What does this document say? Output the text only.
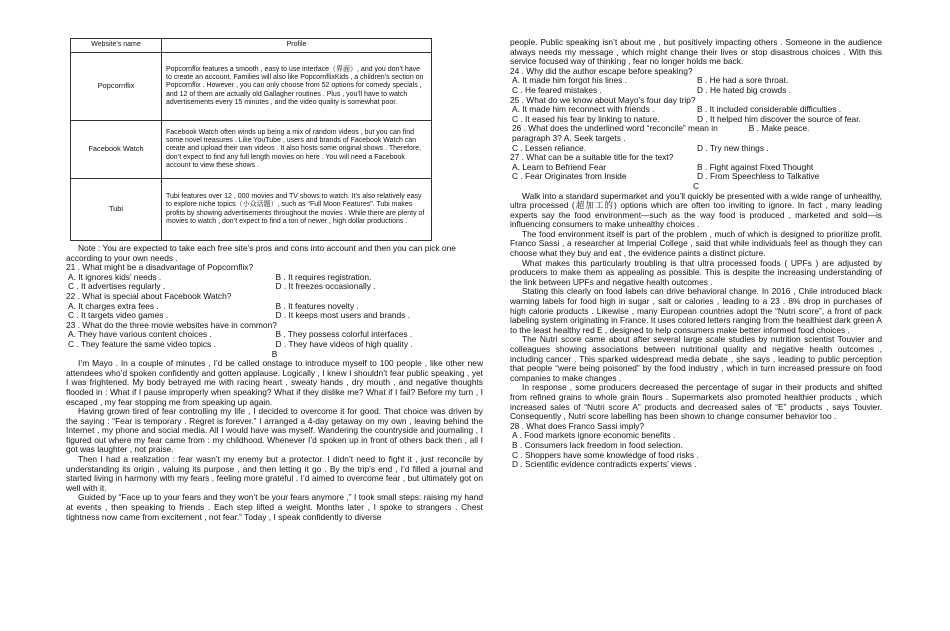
Website’s name	Profile
Popcornflix	Popcornflix features a smooth , easy to use interface（界面）, and you don’t have to create an account. Families will also like PopcornflixKids , a children’s section on Popcornflix . However , you can only choose from 52 options for comedy specials , and 12 of them are actually old Gallagher routines . Plus , you’ll have to watch advertisements every 15 minutes , and the video quality is somewhat poor.
Facebook Watch	Facebook Watch often winds up being a mix of random videos , but you can find some novel treasures . Like YouTube , users and brands of Facebook Watch can create and upload their own videos . It also hosts some original shows . Therefore, don’t expect to find any full length movies on here . You will need a Facebook account to view these shows .
Tubi	Tubi features over 12 , 000 movies and TV shows to watch. It’s also relatively easy to explore niche topics（小众话题）, such as “Full Moon Features”. Tubi makes profits by showing advertisements throughout the movies . While there are plenty of movies to watch , don’t expect to find a ton of newer , high dollar productions .

Note : You are expected to take each free site’s pros and cons into account and then you can pick one according to your own needs .

21 . What might be a disadvantage of Popcornflix?

A. It ignores kids’ needs .	B . It requires registration.
C . It advertises regularly .	D . It freezes occasionally .

22 . What is special about Facebook Watch?

A. It charges extra fees .	B . It features novelty .
C . It targets video games .	D . It keeps most users and brands .

23 . What do the three movie websites have in common?

A. They have various content choices .	B . They possess colorful interfaces .
C . They feature the same video topics .	D . They have videos of high quality .

B

I’m Mayo . In a couple of minutes , I’d be called onstage to introduce myself to 100 people , like other new attendees who’d spoken confidently and gotten applause. Logically , I knew I shouldn’t fear public speaking , yet I was frightened. My body betrayed me with racing heart , sweaty hands , dry mouth , and negative thoughts flooded in : What if I pause improperly when speaking? What if they dislike me? What if I fail? Before my turn , I escaped , my fear stopping me from speaking up again.

Having grown tired of fear controlling my life , I decided to overcome it for good. That choice was driven by the saying : “Fear is temporary . Regret is forever.” I arranged a 4-day getaway on my own , leaving behind the Internet , my phone and social media. All I would have was myself. Wandering the countryside and journaling , I figured out where my fear came from : my childhood. Whenever I’d spoken up in front of others back then , all I got was laughter , not praise.

Then I had a realization : fear wasn’t my enemy but a protector. I didn’t need to fight it , just reconcile by understanding its origin , valuing its purpose , and then letting it go . By the trip’s end , I’d filled a journal and started living in harmony with my fears , feeling more grateful . I’d aimed to overcome fear , but ultimately got on well with it.

Guided by “Face up to your fears and they won’t be your fears anymore ,” I took small steps: raising my hand at events , then speaking to friends . Each step lifted a weight. Months later , I spoke to strangers . Chest tightness now came from excitement , not fear.” Today , I speak confidently to diverse

people. Public speaking isn’t about me , but positively impacting others . Someone in the audience always needs my message , which might change their lives or stop disastrous choices . With this service focused way of thinking , fear no longer holds me back.

24 . Why did the author escape before speaking?

A. It made him forgot his lines .	B . He had a sore throat.
C . He feared mistakes .	D . He hated big crowds .

25 . What do we know about Mayo’s four day trip?

A. It made him reconnect with friends .	B . It included considerable difficulties .
C . It eased his fear by linking to nature.	D . It helped him discover the source of fear.
26 . What does the underlined word “reconcile” mean in paragraph 3? A. Seek targets .
B . Make peace.
C . Lessen reliance.	D . Try new things .

27 . What can be a suitable title for the text?

A. Learn to Befriend Fear	B . Fight against Fixed Thought
C . Fear Originates from Inside	D . From Speechless to Talkative

C

Walk into a standard supermarket and you’ll quickly be presented with a wide range of unhealthy, ultra processed (超加工的) options which are often too inviting to ignore. In fact , many leading experts say the food environment—such as the way food is produced , marketed and sold—is influencing consumers to make unhealthy choices .

The food environment itself is part of the problem , much of which is designed to prioritize profit. Franco Sassi , a researcher at Imperial College , said that while individuals feel as though they can choose what they buy and eat , the evidence paints a distinct picture.

What makes this particularly troubling is that ultra processed foods ( UPFs ) are adjusted by producers to make them as appealing as possible. This is despite the increasing understanding of the link between UPFs and negative health outcomes .

Stating this clearly on food labels can drive behavioral change. In 2016 , Chile introduced black warning labels for food high in sugar , salt or calories , leading to a 23 . 8% drop in purchases of high calorie products . Likewise , many European countries adopt the “Nutri score”, a front of pack labeling system originating in France. It uses colored letters ranging from the healthiest dark green A to the least healthy red E , designed to help consumers make better informed food choices .

The Nutri score came about after several large scale studies by nutrition scientist Touvier and colleagues showing associations between nutritional quality and negative health outcomes , including cancer . This sparked widespread media debate , she says , leading to public perception that people “were being poisoned” by the food industry , which in turn increased pressure on food companies to make changes .

In response , some producers decreased the percentage of sugar in their products and shifted from refined grains to whole grain flours . Supermarkets also promoted healthier products , which increased sales of “Nutri score A” products and decreased sales of “E” products , says Touvier. Consequently , Nutri score labelling has been shown to change consumer behavior too .

28 . What does Franco Sassi imply?

A . Food markets ignore economic benefits .

B . Consumers lack freedom in food selection.

C . Shoppers have some knowledge of food risks .

D . Scientific evidence contradicts experts’ views .
